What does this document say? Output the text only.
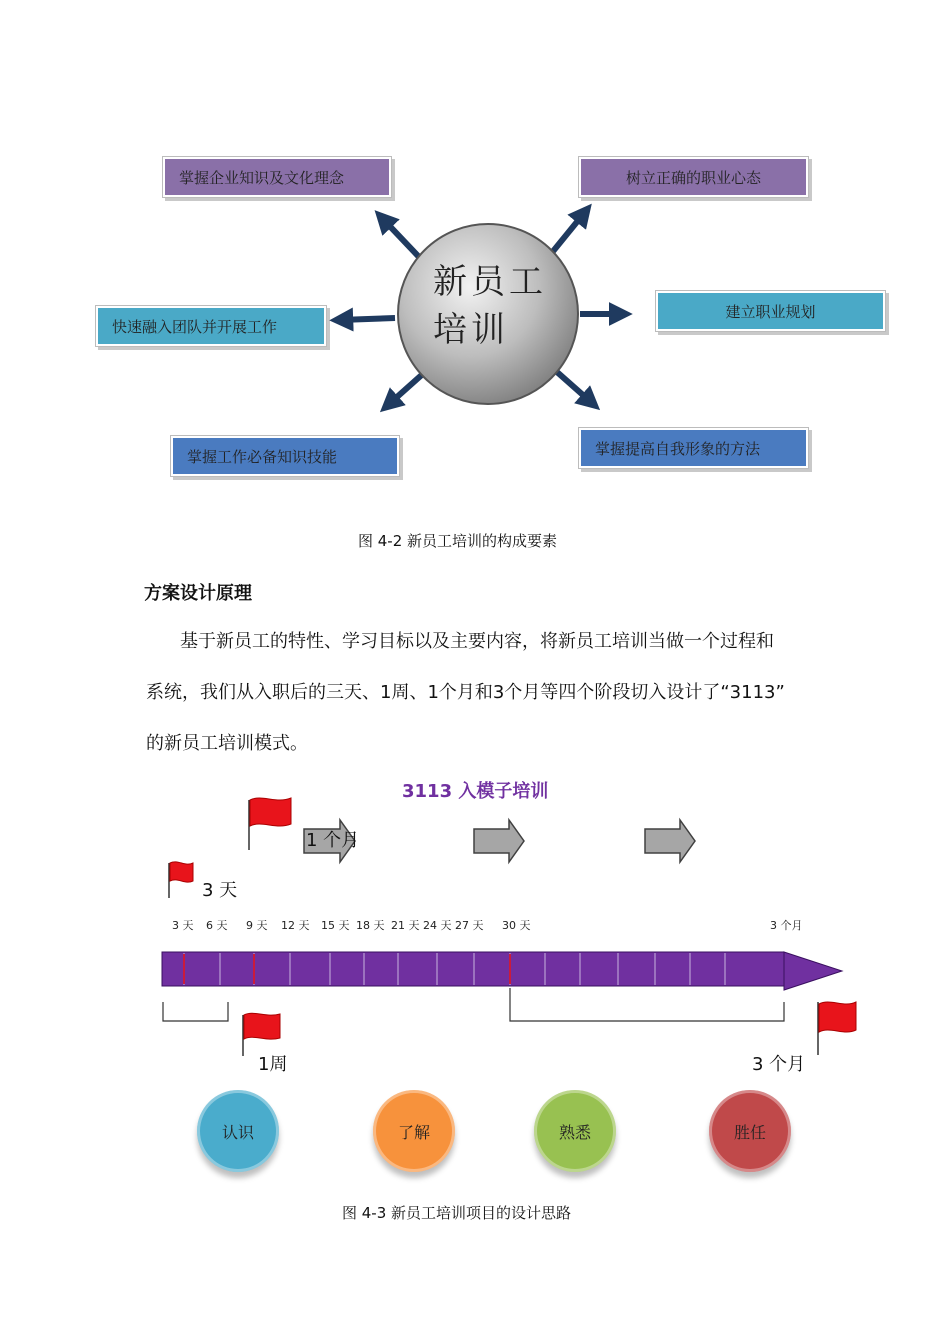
掌握企业知识及文化理念	树立正确的职业心态
快速融入团队并开展工作
建立职业规划
掌握工作必备知识技能	掌握提高自我形象的方法
新员工
培训
图 4-2 新员工培训的构成要素
方案设计原理
基于新员工的特性、学习目标以及主要内容，将新员工培训当做一个过程和
系统，我们从入职后的三天、1周、1个月和3个月等四个阶段切入设计了“3113”
的新员工培训模式。
3113 入模子培训
1 个月
3 天
1周	3 个月
3 天 6 天 9 天 12 天 15 天 18 天 21 天 24 天 27 天 30 天	3 个月
认识	了解	熟悉	胜任
图 4-3 新员工培训项目的设计思路
